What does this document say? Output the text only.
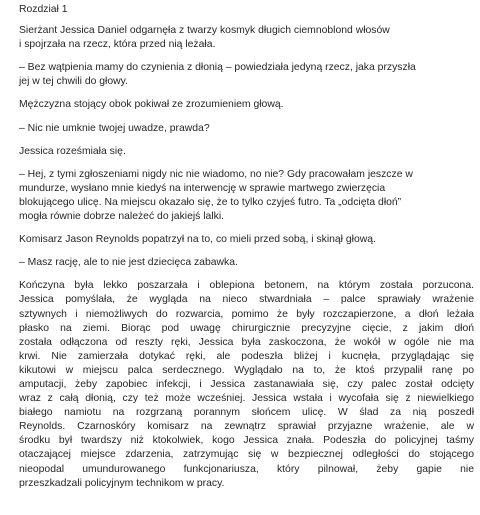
Rozdział 1
Sierżant Jessica Daniel odgarnęła z twarzy kosmyk długich ciemnoblond włosów
i spojrzała na rzecz, która przed nią leżała.
– Bez wątpienia mamy do czynienia z dłonią – powiedziała jedyną rzecz, jaka przyszła
jej w tej chwili do głowy.
Mężczyzna stojący obok pokiwał ze zrozumieniem głową.
– Nic nie umknie twojej uwadze, prawda?
Jessica roześmiała się.
– Hej, z tymi zgłoszeniami nigdy nic nie wiadomo, no nie? Gdy pracowałam jeszcze w
mundurze, wysłano mnie kiedyś na interwencję w sprawie martwego zwierzęcia
blokującego ulicę. Na miejscu okazało się, że to tylko czyjeś futro. Ta „odcięta dłoń”
mogła równie dobrze należeć do jakiejś lalki.
Komisarz Jason Reynolds popatrzył na to, co mieli przed sobą, i skinął głową.
– Masz rację, ale to nie jest dziecięca zabawka.
Kończyna była lekko poszarzała i oblepiona betonem, na którym została porzucona.
Jessica pomyślała, że wygląda na nieco stwardniała – palce sprawiały wrażenie
sztywnych i niemożliwych do rozwarcia, pomimo że były rozczapierzone, a dłoń leżała
płasko na ziemi. Biorąc pod uwagę chirurgicznie precyzyjne cięcie, z jakim dłoń
została odłączona od reszty ręki, Jessica była zaskoczona, że wokół w ogóle nie ma
krwi. Nie zamierzała dotykać ręki, ale podeszła bliżej i kucnęła, przyglądając się
kikutowi w miejscu palca serdecznego. Wyglądało na to, że ktoś przypalił ranę po
amputacji, żeby zapobiec infekcji, i Jessica zastanawiała się, czy palec został odcięty
wraz z całą dłonią, czy też może wcześniej. Jessica wstała i wycofała się z niewielkiego
białego namiotu na rozgrzaną porannym słońcem ulicę. W ślad za nią poszedł
Reynolds. Czarnoskóry komisarz na zewnątrz sprawiał przyjazne wrażenie, ale w
środku był twardszy niż ktokolwiek, kogo Jessica znała. Podeszła do policyjnej taśmy
otaczającej miejsce zdarzenia, zatrzymując się w bezpiecznej odległości do stojącego
nieopodal umundurowanego funkcjonariusza, który pilnował, żeby gapie nie
przeszkadzali policyjnym technikom w pracy.
